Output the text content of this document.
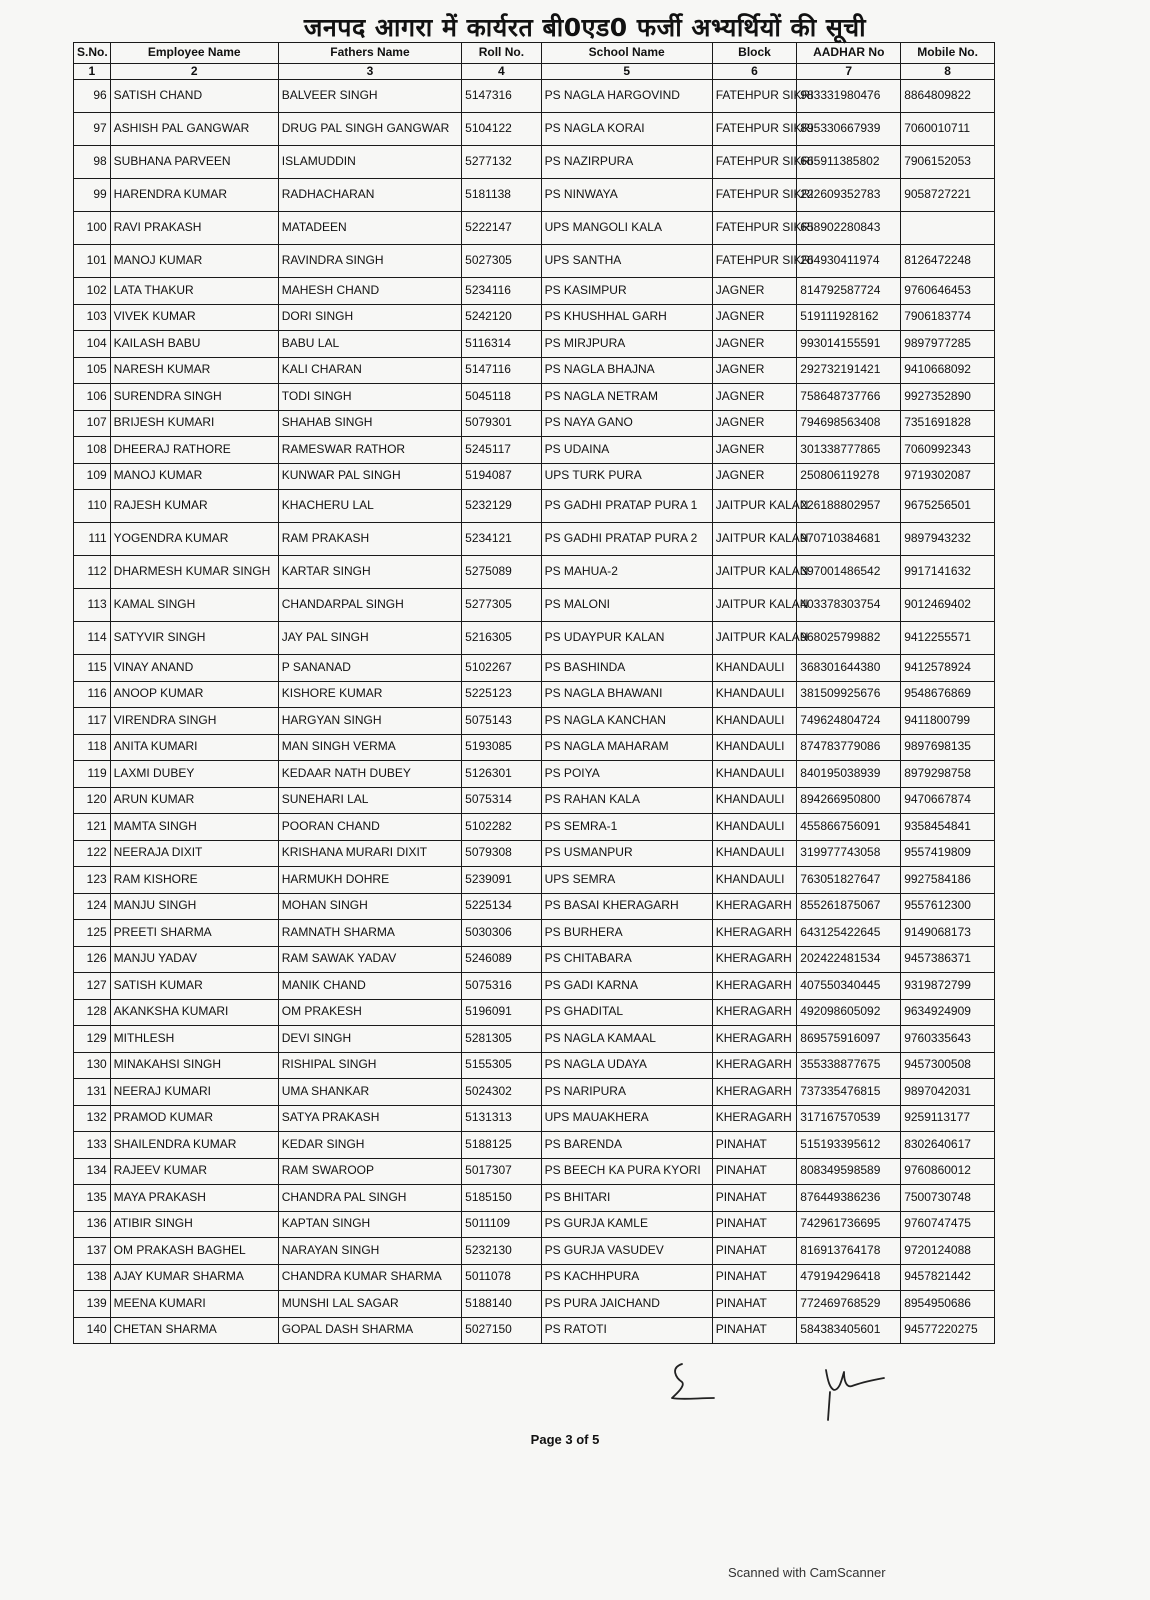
जनपद आगरा में कार्यरत बी0एड0 फर्जी अभ्यर्थियों की सूची
S.No.	Employee Name	Fathers Name	Roll No.	School Name	Block	AADHAR No	Mobile No.
1	2	3	4	5	6	7	8
96	SATISH CHAND	BALVEER SINGH	5147316	PS NAGLA HARGOVIND	FATEHPUR SIKRI	983331980476	8864809822
97	ASHISH PAL GANGWAR	DRUG PAL SINGH GANGWAR	5104122	PS NAGLA KORAI	FATEHPUR SIKRI	895330667939	7060010711
98	SUBHANA PARVEEN	ISLAMUDDIN	5277132	PS NAZIRPURA	FATEHPUR SIKRI	665911385802	7906152053
99	HARENDRA KUMAR	RADHACHARAN	5181138	PS NINWAYA	FATEHPUR SIKRI	222609352783	9058727221
100	RAVI PRAKASH	MATADEEN	5222147	UPS MANGOLI KALA	FATEHPUR SIKRI	658902280843	
101	MANOJ KUMAR	RAVINDRA SINGH	5027305	UPS SANTHA	FATEHPUR SIKRI	264930411974	8126472248
102	LATA THAKUR	MAHESH CHAND	5234116	PS KASIMPUR	JAGNER	814792587724	9760646453
103	VIVEK KUMAR	DORI SINGH	5242120	PS KHUSHHAL GARH	JAGNER	519111928162	7906183774
104	KAILASH BABU	BABU LAL	5116314	PS MIRJPURA	JAGNER	993014155591	9897977285
105	NARESH KUMAR	KALI CHARAN	5147116	PS NAGLA BHAJNA	JAGNER	292732191421	9410668092
106	SURENDRA SINGH	TODI SINGH	5045118	PS NAGLA NETRAM	JAGNER	758648737766	9927352890
107	BRIJESH KUMARI	SHAHAB SINGH	5079301	PS NAYA GANO	JAGNER	794698563408	7351691828
108	DHEERAJ RATHORE	RAMESWAR RATHOR	5245117	PS UDAINA	JAGNER	301338777865	7060992343
109	MANOJ KUMAR	KUNWAR PAL SINGH	5194087	UPS TURK PURA	JAGNER	250806119278	9719302087
110	RAJESH KUMAR	KHACHERU LAL	5232129	PS GADHI PRATAP PURA 1	JAITPUR KALAN	226188802957	9675256501
111	YOGENDRA KUMAR	RAM PRAKASH	5234121	PS GADHI PRATAP PURA 2	JAITPUR KALAN	970710384681	9897943232
112	DHARMESH KUMAR SINGH	KARTAR SINGH	5275089	PS MAHUA-2	JAITPUR KALAN	397001486542	9917141632
113	KAMAL SINGH	CHANDARPAL SINGH	5277305	PS MALONI	JAITPUR KALAN	403378303754	9012469402
114	SATYVIR SINGH	JAY PAL SINGH	5216305	PS UDAYPUR KALAN	JAITPUR KALAN	968025799882	9412255571
115	VINAY ANAND	P SANANAD	5102267	PS BASHINDA	KHANDAULI	368301644380	9412578924
116	ANOOP KUMAR	KISHORE KUMAR	5225123	PS NAGLA BHAWANI	KHANDAULI	381509925676	9548676869
117	VIRENDRA SINGH	HARGYAN SINGH	5075143	PS NAGLA KANCHAN	KHANDAULI	749624804724	9411800799
118	ANITA KUMARI	MAN SINGH VERMA	5193085	PS NAGLA MAHARAM	KHANDAULI	874783779086	9897698135
119	LAXMI DUBEY	KEDAAR NATH DUBEY	5126301	PS POIYA	KHANDAULI	840195038939	8979298758
120	ARUN KUMAR	SUNEHARI LAL	5075314	PS RAHAN KALA	KHANDAULI	894266950800	9470667874
121	MAMTA SINGH	POORAN CHAND	5102282	PS SEMRA-1	KHANDAULI	455866756091	9358454841
122	NEERAJA DIXIT	KRISHANA MURARI DIXIT	5079308	PS USMANPUR	KHANDAULI	319977743058	9557419809
123	RAM KISHORE	HARMUKH DOHRE	5239091	UPS SEMRA	KHANDAULI	763051827647	9927584186
124	MANJU SINGH	MOHAN SINGH	5225134	PS BASAI KHERAGARH	KHERAGARH	855261875067	9557612300
125	PREETI SHARMA	RAMNATH SHARMA	5030306	PS BURHERA	KHERAGARH	643125422645	9149068173
126	MANJU YADAV	RAM SAWAK YADAV	5246089	PS CHITABARA	KHERAGARH	202422481534	9457386371
127	SATISH KUMAR	MANIK CHAND	5075316	PS GADI KARNA	KHERAGARH	407550340445	9319872799
128	AKANKSHA KUMARI	OM PRAKESH	5196091	PS GHADITAL	KHERAGARH	492098605092	9634924909
129	MITHLESH	DEVI SINGH	5281305	PS NAGLA KAMAAL	KHERAGARH	869575916097	9760335643
130	MINAKAHSI SINGH	RISHIPAL SINGH	5155305	PS NAGLA UDAYA	KHERAGARH	355338877675	9457300508
131	NEERAJ KUMARI	UMA SHANKAR	5024302	PS NARIPURA	KHERAGARH	737335476815	9897042031
132	PRAMOD KUMAR	SATYA PRAKASH	5131313	UPS MAUAKHERA	KHERAGARH	317167570539	9259113177
133	SHAILENDRA KUMAR	KEDAR SINGH	5188125	PS BARENDA	PINAHAT	515193395612	8302640617
134	RAJEEV KUMAR	RAM SWAROOP	5017307	PS BEECH KA PURA KYORI	PINAHAT	808349598589	9760860012
135	MAYA PRAKASH	CHANDRA PAL SINGH	5185150	PS BHITARI	PINAHAT	876449386236	7500730748
136	ATIBIR SINGH	KAPTAN SINGH	5011109	PS GURJA KAMLE	PINAHAT	742961736695	9760747475
137	OM PRAKASH BAGHEL	NARAYAN SINGH	5232130	PS GURJA VASUDEV	PINAHAT	816913764178	9720124088
138	AJAY KUMAR SHARMA	CHANDRA KUMAR SHARMA	5011078	PS KACHHPURA	PINAHAT	479194296418	9457821442
139	MEENA KUMARI	MUNSHI LAL SAGAR	5188140	PS PURA JAICHAND	PINAHAT	772469768529	8954950686
140	CHETAN SHARMA	GOPAL DASH SHARMA	5027150	PS RATOTI	PINAHAT	584383405601	94577220275
Page 3 of 5
Scanned with CamScanner
